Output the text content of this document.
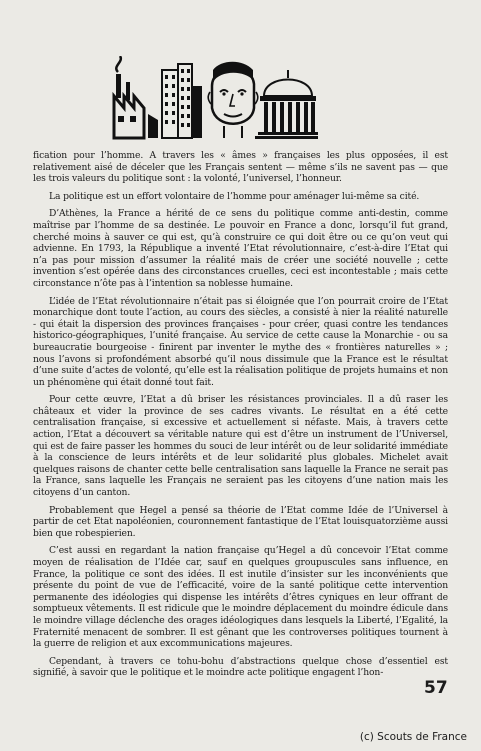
fication pour l’homme. A travers les « âmes » françaises les plus opposées, il est relativement aisé de déceler que les Français sentent — même s’ils ne savent pas — que les trois valeurs du politique sont : la volonté, l’universel, l’honneur.

La politique est un effort volontaire de l’homme pour aménager lui-même sa cité.

D’Athènes, la France a hérité de ce sens du politique comme anti-destin, comme maîtrise par l’homme de sa destinée. Le pouvoir en France a donc, lorsqu’il fut grand, cherché moins à sauver ce qui est, qu’à construire ce qui doit être ou ce qu’on veut qui advienne. En 1793, la République a inventé l’Etat révolutionnaire, c’est-à-dire l’Etat qui n’a pas pour mission d’assumer la réalité mais de créer une société nouvelle ; cette invention s’est opérée dans des circonstances cruelles, ceci est incontestable ; mais cette circonstance n’ôte pas à l’intention sa noblesse humaine.

L’idée de l’Etat révolutionnaire n’était pas si éloignée que l’on pourrait croire de l’Etat monarchique dont toute l’action, au cours des siècles, a consisté à nier la réalité naturelle - qui était la dispersion des provinces françaises - pour créer, quasi contre les tendances historico-géographiques, l’unité française. Au service de cette cause la Monarchie - ou sa bureaucratie bourgeoise - finirent par inventer le mythe des « frontières naturelles » ; nous l’avons si profondément absorbé qu’il nous dissimule que la France est le résultat d’une suite d’actes de volonté, qu’elle est la réalisation politique de projets humains et non un phénomène qui était donné tout fait.

Pour cette œuvre, l’Etat a dû briser les résistances provinciales. Il a dû raser les châteaux et vider la province de ses cadres vivants. Le résultat en a été cette centralisation française, si excessive et actuellement si néfaste. Mais, à travers cette action, l’Etat a découvert sa véritable nature qui est d’être un instrument de l’Universel, qui est de faire passer les hommes du souci de leur intérêt ou de leur solidarité immédiate à la conscience de leurs intérêts et de leur solidarité plus globales. Michelet avait quelques raisons de chanter cette belle centralisation sans laquelle la France ne serait pas la France, sans laquelle les Français ne seraient pas les citoyens d’une nation mais les citoyens d’un canton.

Probablement que Hegel a pensé sa théorie de l’Etat comme Idée de l’Universel à partir de cet Etat napoléonien, couronnement fantastique de l’Etat louisquatorzième aussi bien que robespierien.

C’est aussi en regardant la nation française qu’Hegel a dû concevoir l’Etat comme moyen de réalisation de l’Idée car, sauf en quelques groupuscules sans influence, en France, la politique ce sont des idées. Il est inutile d’insister sur les inconvénients que présente du point de vue de l’efficacité, voire de la santé politique cette intervention permanente des idéologies qui dispense les intérêts d’êtres cyniques en leur offrant de somptueux vêtements. Il est ridicule que le moindre déplacement du moindre édicule dans le moindre village déclenche des orages idéologiques dans lesquels la Liberté, l’Egalité, la Fraternité menacent de sombrer. Il est gênant que les controverses politiques tournent à la guerre de religion et aux excommunications majeures.

Cependant, à travers ce tohu-bohu d’abstractions quelque chose d’essentiel est signifié, à savoir que le politique et le moindre acte politique engagent l’hon-

57
(c) Scouts de France
